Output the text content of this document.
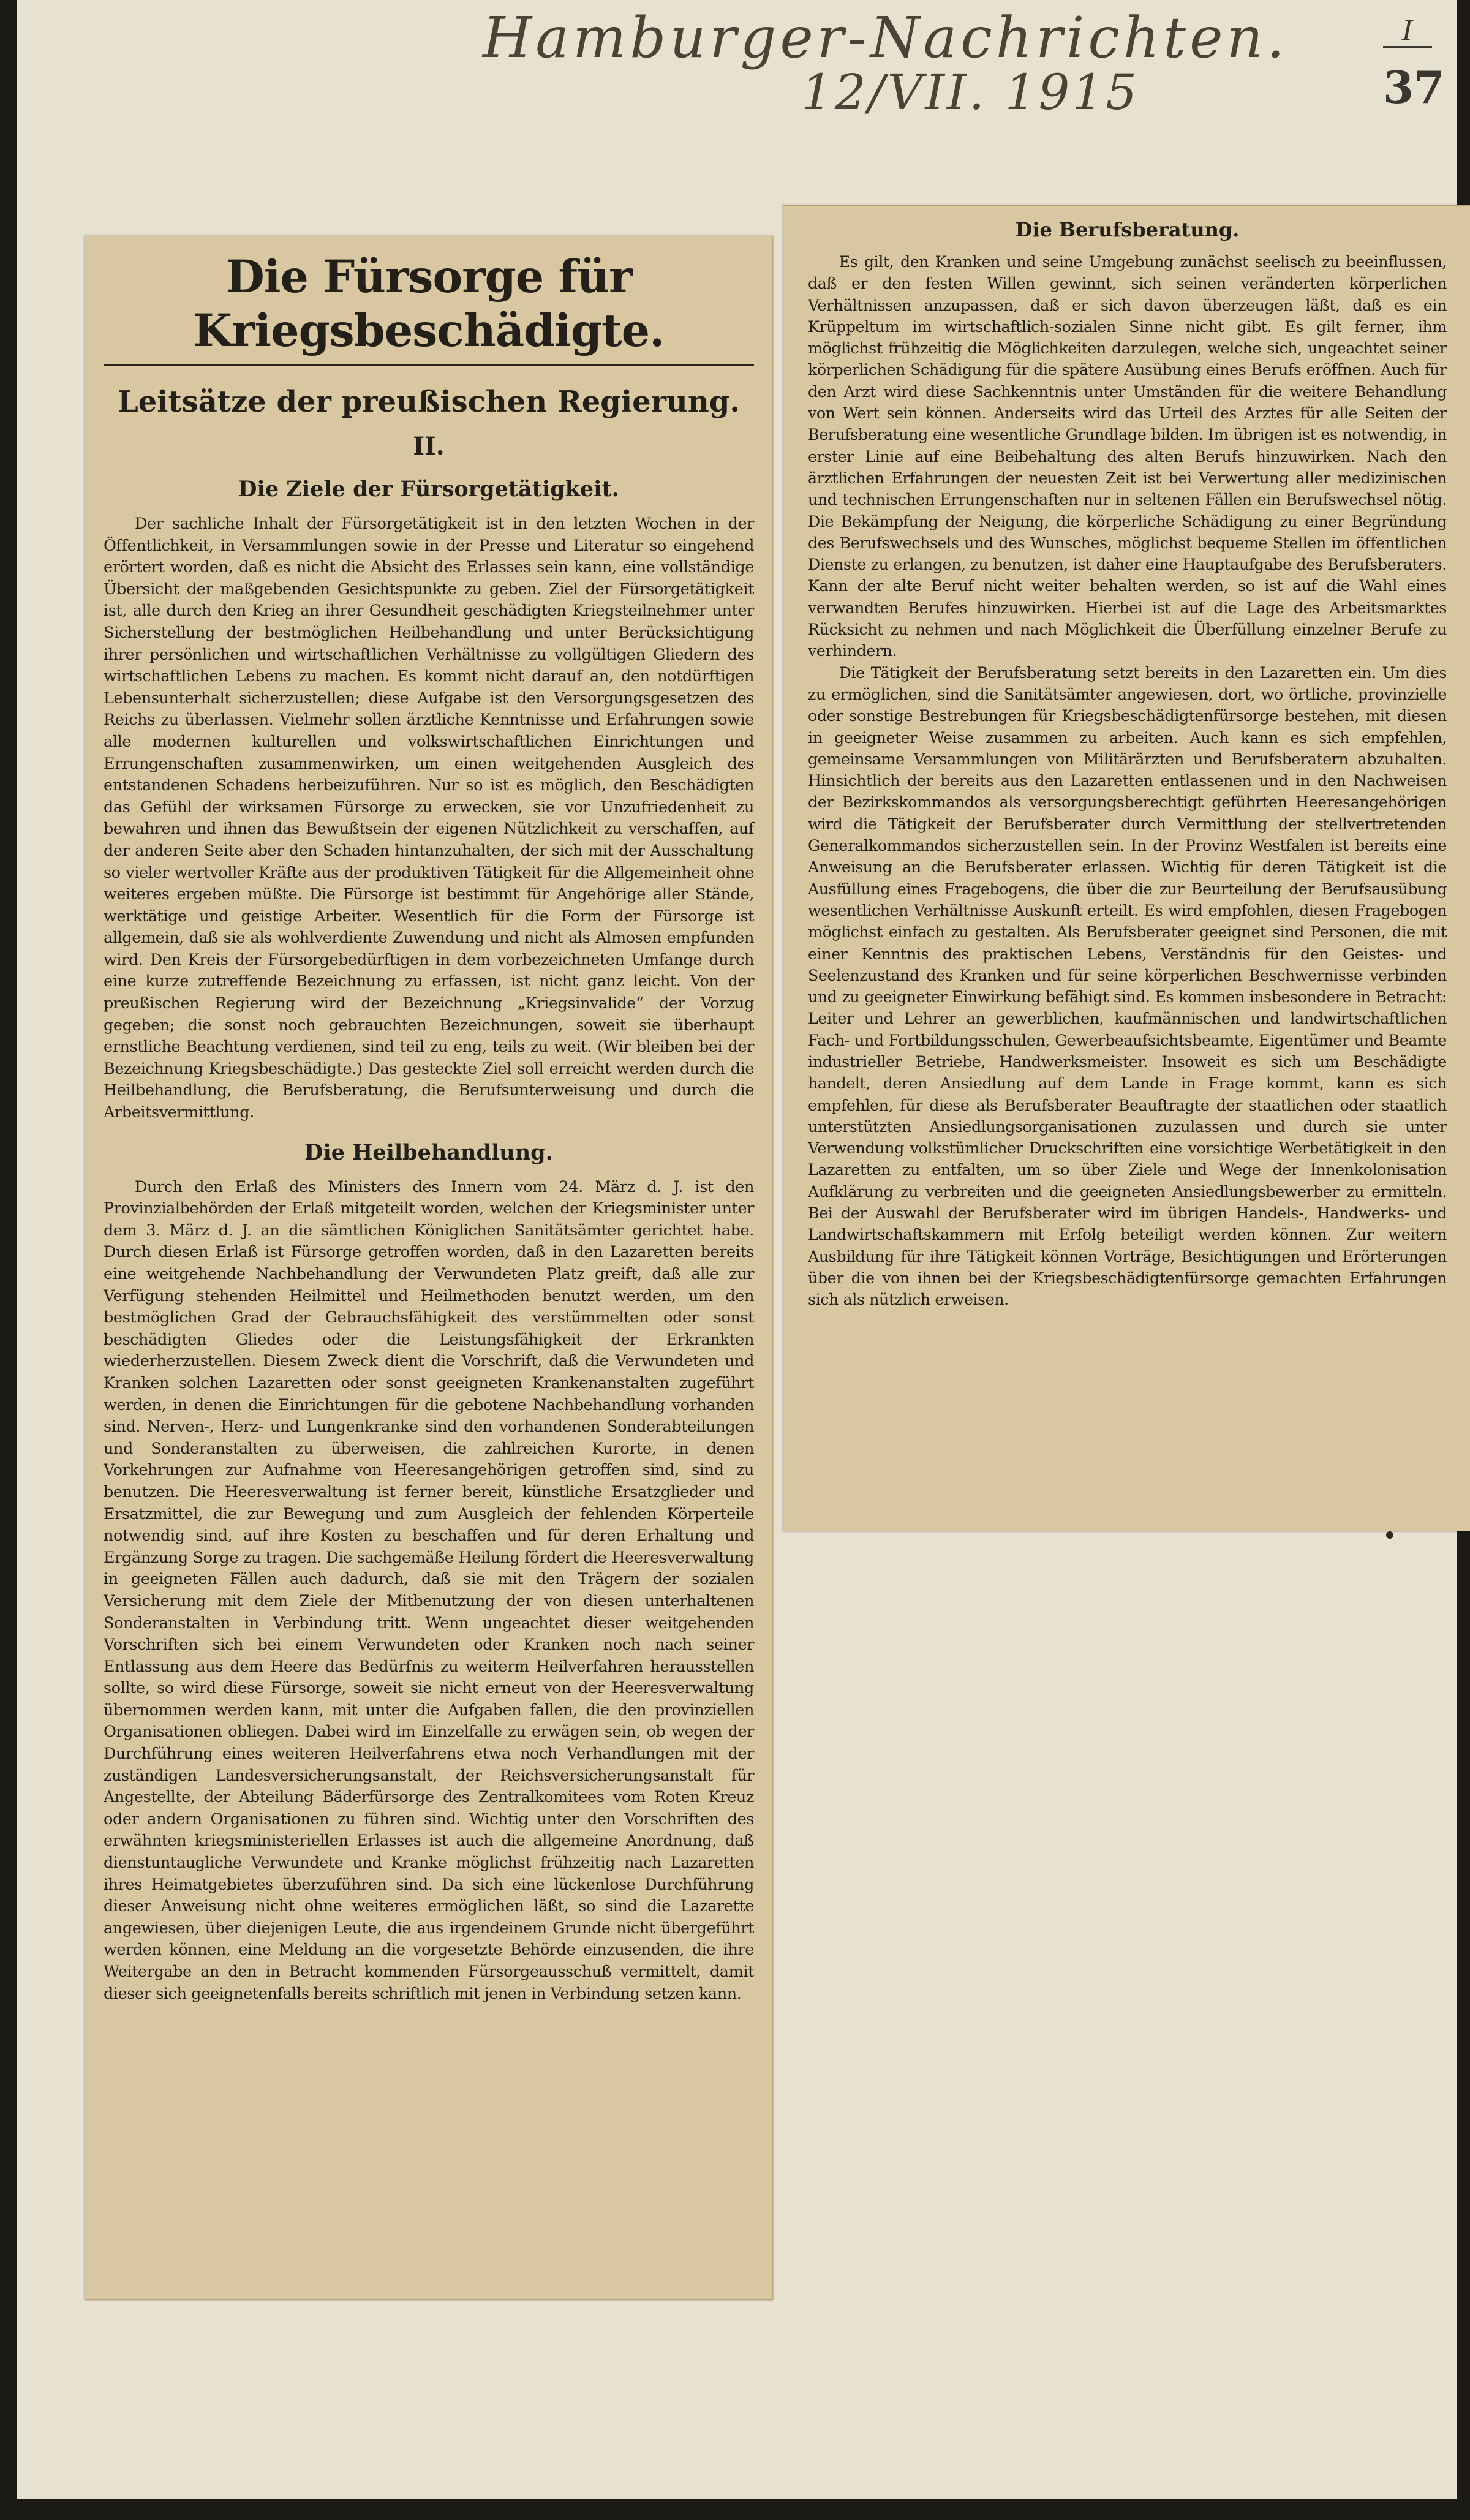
Hamburger-Nachrichten.
12/VII. 1915
I
37
Die Fürsorge für Kriegsbeschädigte.
Leitsätze der preußischen Regierung.
II.
Die Ziele der Fürsorgetätigkeit.

Der sachliche Inhalt der Fürsorgetätigkeit ist in den letzten Wochen in der Öffentlichkeit, in Versammlungen sowie in der Presse und Literatur so eingehend erörtert worden, daß es nicht die Absicht des Erlasses sein kann, eine vollständige Übersicht der maßgebenden Gesichtspunkte zu geben. Ziel der Fürsorgetätigkeit ist, alle durch den Krieg an ihrer Gesundheit geschädigten Kriegsteilnehmer unter Sicherstellung der bestmöglichen Heilbehandlung und unter Berücksichtigung ihrer persönlichen und wirtschaftlichen Verhältnisse zu vollgültigen Gliedern des wirtschaftlichen Lebens zu machen. Es kommt nicht darauf an, den notdürftigen Lebensunterhalt sicherzustellen; diese Aufgabe ist den Versorgungsgesetzen des Reichs zu überlassen. Vielmehr sollen ärztliche Kenntnisse und Erfahrungen sowie alle modernen kulturellen und volkswirtschaftlichen Einrichtungen und Errungenschaften zusammenwirken, um einen weitgehenden Ausgleich des entstandenen Schadens herbeizuführen. Nur so ist es möglich, den Beschädigten das Gefühl der wirksamen Fürsorge zu erwecken, sie vor Unzufriedenheit zu bewahren und ihnen das Bewußtsein der eigenen Nützlichkeit zu verschaffen, auf der anderen Seite aber den Schaden hintanzuhalten, der sich mit der Ausschaltung so vieler wertvoller Kräfte aus der produktiven Tätigkeit für die Allgemeinheit ohne weiteres ergeben müßte. Die Fürsorge ist bestimmt für Angehörige aller Stände, werktätige und geistige Arbeiter. Wesentlich für die Form der Fürsorge ist allgemein, daß sie als wohlverdiente Zuwendung und nicht als Almosen empfunden wird. Den Kreis der Fürsorgebedürftigen in dem vorbezeichneten Umfange durch eine kurze zutreffende Bezeichnung zu erfassen, ist nicht ganz leicht. Von der preußischen Regierung wird der Bezeichnung „Kriegsinvalide“ der Vorzug gegeben; die sonst noch gebrauchten Bezeichnungen, soweit sie überhaupt ernstliche Beachtung verdienen, sind teil zu eng, teils zu weit. (Wir bleiben bei der Bezeichnung Kriegsbeschädigte.) Das gesteckte Ziel soll erreicht werden durch die Heilbehandlung, die Berufsberatung, die Berufsunterweisung und durch die Arbeitsvermittlung.

Die Heilbehandlung.

Durch den Erlaß des Ministers des Innern vom 24. März d. J. ist den Provinzialbehörden der Erlaß mitgeteilt worden, welchen der Kriegsminister unter dem 3. März d. J. an die sämtlichen Königlichen Sanitätsämter gerichtet habe. Durch diesen Erlaß ist Fürsorge getroffen worden, daß in den Lazaretten bereits eine weitgehende Nachbehandlung der Verwundeten Platz greift, daß alle zur Verfügung stehenden Heilmittel und Heilmethoden benutzt werden, um den bestmöglichen Grad der Gebrauchsfähigkeit des verstümmelten oder sonst beschädigten Gliedes oder die Leistungsfähigkeit der Erkrankten wiederherzustellen. Diesem Zweck dient die Vorschrift, daß die Verwundeten und Kranken solchen Lazaretten oder sonst geeigneten Krankenanstalten zugeführt werden, in denen die Einrichtungen für die gebotene Nachbehandlung vorhanden sind. Nerven-, Herz- und Lungenkranke sind den vorhandenen Sonderabteilungen und Sonderanstalten zu überweisen, die zahlreichen Kurorte, in denen Vorkehrungen zur Aufnahme von Heeresangehörigen getroffen sind, sind zu benutzen. Die Heeresverwaltung ist ferner bereit, künstliche Ersatzglieder und Ersatzmittel, die zur Bewegung und zum Ausgleich der fehlenden Körperteile notwendig sind, auf ihre Kosten zu beschaffen und für deren Erhaltung und Ergänzung Sorge zu tragen. Die sachgemäße Heilung fördert die Heeresverwaltung in geeigneten Fällen auch dadurch, daß sie mit den Trägern der sozialen Versicherung mit dem Ziele der Mitbenutzung der von diesen unterhaltenen Sonderanstalten in Verbindung tritt. Wenn ungeachtet dieser weitgehenden Vorschriften sich bei einem Verwundeten oder Kranken noch nach seiner Entlassung aus dem Heere das Bedürfnis zu weiterm Heilverfahren herausstellen sollte, so wird diese Fürsorge, soweit sie nicht erneut von der Heeresverwaltung übernommen werden kann, mit unter die Aufgaben fallen, die den provinziellen Organisationen obliegen. Dabei wird im Einzelfalle zu erwägen sein, ob wegen der Durchführung eines weiteren Heilverfahrens etwa noch Verhandlungen mit der zuständigen Landesversicherungsanstalt, der Reichsversicherungsanstalt für Angestellte, der Abteilung Bäderfürsorge des Zentralkomitees vom Roten Kreuz oder andern Organisationen zu führen sind. Wichtig unter den Vorschriften des erwähnten kriegsministeriellen Erlasses ist auch die allgemeine Anordnung, daß dienstuntaugliche Verwundete und Kranke möglichst frühzeitig nach Lazaretten ihres Heimatgebietes überzuführen sind. Da sich eine lückenlose Durchführung dieser Anweisung nicht ohne weiteres ermöglichen läßt, so sind die Lazarette angewiesen, über diejenigen Leute, die aus irgendeinem Grunde nicht übergeführt werden können, eine Meldung an die vorgesetzte Behörde einzusenden, die ihre Weitergabe an den in Betracht kommenden Fürsorgeausschuß vermittelt, damit dieser sich geeignetenfalls bereits schriftlich mit jenen in Verbindung setzen kann.

Die Berufsberatung.

Es gilt, den Kranken und seine Umgebung zunächst seelisch zu beeinflussen, daß er den festen Willen gewinnt, sich seinen veränderten körperlichen Verhältnissen anzupassen, daß er sich davon überzeugen läßt, daß es ein Krüppeltum im wirtschaftlich-sozialen Sinne nicht gibt. Es gilt ferner, ihm möglichst frühzeitig die Möglichkeiten darzulegen, welche sich, ungeachtet seiner körperlichen Schädigung für die spätere Ausübung eines Berufs eröffnen. Auch für den Arzt wird diese Sachkenntnis unter Umständen für die weitere Behandlung von Wert sein können. Anderseits wird das Urteil des Arztes für alle Seiten der Berufsberatung eine wesentliche Grundlage bilden. Im übrigen ist es notwendig, in erster Linie auf eine Beibehaltung des alten Berufs hinzuwirken. Nach den ärztlichen Erfahrungen der neuesten Zeit ist bei Verwertung aller medizinischen und technischen Errungenschaften nur in seltenen Fällen ein Berufswechsel nötig. Die Bekämpfung der Neigung, die körperliche Schädigung zu einer Begründung des Berufswechsels und des Wunsches, möglichst bequeme Stellen im öffentlichen Dienste zu erlangen, zu benutzen, ist daher eine Hauptaufgabe des Berufsberaters. Kann der alte Beruf nicht weiter behalten werden, so ist auf die Wahl eines verwandten Berufes hinzuwirken. Hierbei ist auf die Lage des Arbeitsmarktes Rücksicht zu nehmen und nach Möglichkeit die Überfüllung einzelner Berufe zu verhindern.

Die Tätigkeit der Berufsberatung setzt bereits in den Lazaretten ein. Um dies zu ermöglichen, sind die Sanitätsämter angewiesen, dort, wo örtliche, provinzielle oder sonstige Bestrebungen für Kriegsbeschädigtenfürsorge bestehen, mit diesen in geeigneter Weise zusammen zu arbeiten. Auch kann es sich empfehlen, gemeinsame Versammlungen von Militärärzten und Berufsberatern abzuhalten. Hinsichtlich der bereits aus den Lazaretten entlassenen und in den Nachweisen der Bezirkskommandos als versorgungsberechtigt geführten Heeresangehörigen wird die Tätigkeit der Berufsberater durch Vermittlung der stellvertretenden Generalkommandos sicherzustellen sein. In der Provinz Westfalen ist bereits eine Anweisung an die Berufsberater erlassen. Wichtig für deren Tätigkeit ist die Ausfüllung eines Fragebogens, die über die zur Beurteilung der Berufsausübung wesentlichen Verhältnisse Auskunft erteilt. Es wird empfohlen, diesen Fragebogen möglichst einfach zu gestalten. Als Berufsberater geeignet sind Personen, die mit einer Kenntnis des praktischen Lebens, Verständnis für den Geistes- und Seelenzustand des Kranken und für seine körperlichen Beschwernisse verbinden und zu geeigneter Einwirkung befähigt sind. Es kommen insbesondere in Betracht: Leiter und Lehrer an gewerblichen, kaufmännischen und landwirtschaftlichen Fach- und Fortbildungsschulen, Gewerbeaufsichtsbeamte, Eigentümer und Beamte industrieller Betriebe, Handwerksmeister. Insoweit es sich um Beschädigte handelt, deren Ansiedlung auf dem Lande in Frage kommt, kann es sich empfehlen, für diese als Berufsberater Beauftragte der staatlichen oder staatlich unterstützten Ansiedlungsorganisationen zuzulassen und durch sie unter Verwendung volkstümlicher Druckschriften eine vorsichtige Werbetätigkeit in den Lazaretten zu entfalten, um so über Ziele und Wege der Innenkolonisation Aufklärung zu verbreiten und die geeigneten Ansiedlungsbewerber zu ermitteln. Bei der Auswahl der Berufsberater wird im übrigen Handels-, Handwerks- und Landwirtschaftskammern mit Erfolg beteiligt werden können. Zur weitern Ausbildung für ihre Tätigkeit können Vorträge, Besichtigungen und Erörterungen über die von ihnen bei der Kriegsbeschädigtenfürsorge gemachten Erfahrungen sich als nützlich erweisen.
